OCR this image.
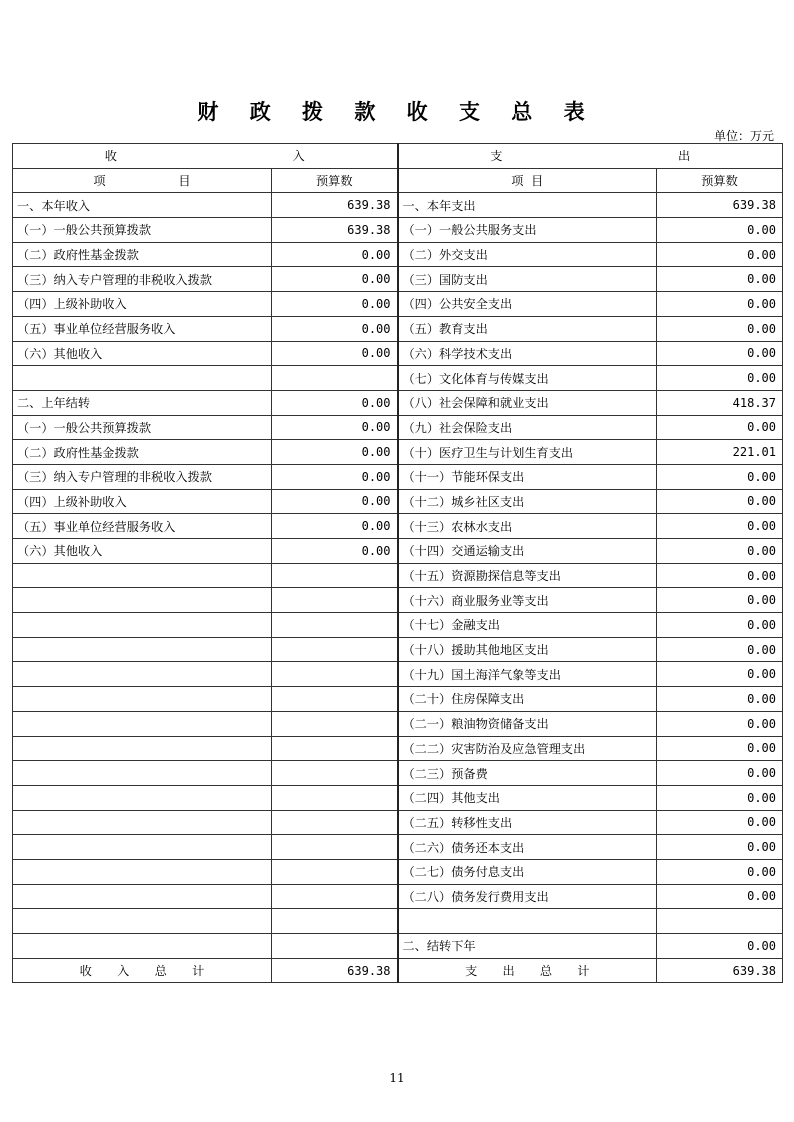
财 政 拨 款 收 支 总 表
单位：万元
收 入		支 出	

项 目	预算数	项  目	预算数
一、本年收入	639.38	一、本年支出	639.38
（一）一般公共预算拨款	639.38	（一）一般公共服务支出	0.00
（二）政府性基金拨款	0.00	（二）外交支出	0.00
（三）纳入专户管理的非税收入拨款	0.00	（三）国防支出	0.00
（四）上级补助收入	0.00	（四）公共安全支出	0.00
（五）事业单位经营服务收入	0.00	（五）教育支出	0.00
（六）其他收入	0.00	（六）科学技术支出	0.00
		（七）文化体育与传媒支出	0.00
二、上年结转	0.00	（八）社会保障和就业支出	418.37
（一）一般公共预算拨款	0.00	（九）社会保险支出	0.00
（二）政府性基金拨款	0.00	（十）医疗卫生与计划生育支出	221.01
（三）纳入专户管理的非税收入拨款	0.00	（十一）节能环保支出	0.00
（四）上级补助收入	0.00	（十二）城乡社区支出	0.00
（五）事业单位经营服务收入	0.00	（十三）农林水支出	0.00
（六）其他收入	0.00	（十四）交通运输支出	0.00
		（十五）资源勘探信息等支出	0.00
		（十六）商业服务业等支出	0.00
		（十七）金融支出	0.00
		（十八）援助其他地区支出	0.00
		（十九）国土海洋气象等支出	0.00
		（二十）住房保障支出	0.00
		（二一）粮油物资储备支出	0.00
		（二二）灾害防治及应急管理支出	0.00
		（二三）预备费	0.00
		（二四）其他支出	0.00
		（二五）转移性支出	0.00
		（二六）债务还本支出	0.00
		（二七）债务付息支出	0.00
		（二八）债务发行费用支出	0.00

		二、结转下年	0.00

收 入 总 计	639.38	支 出 总 计	639.38
11
